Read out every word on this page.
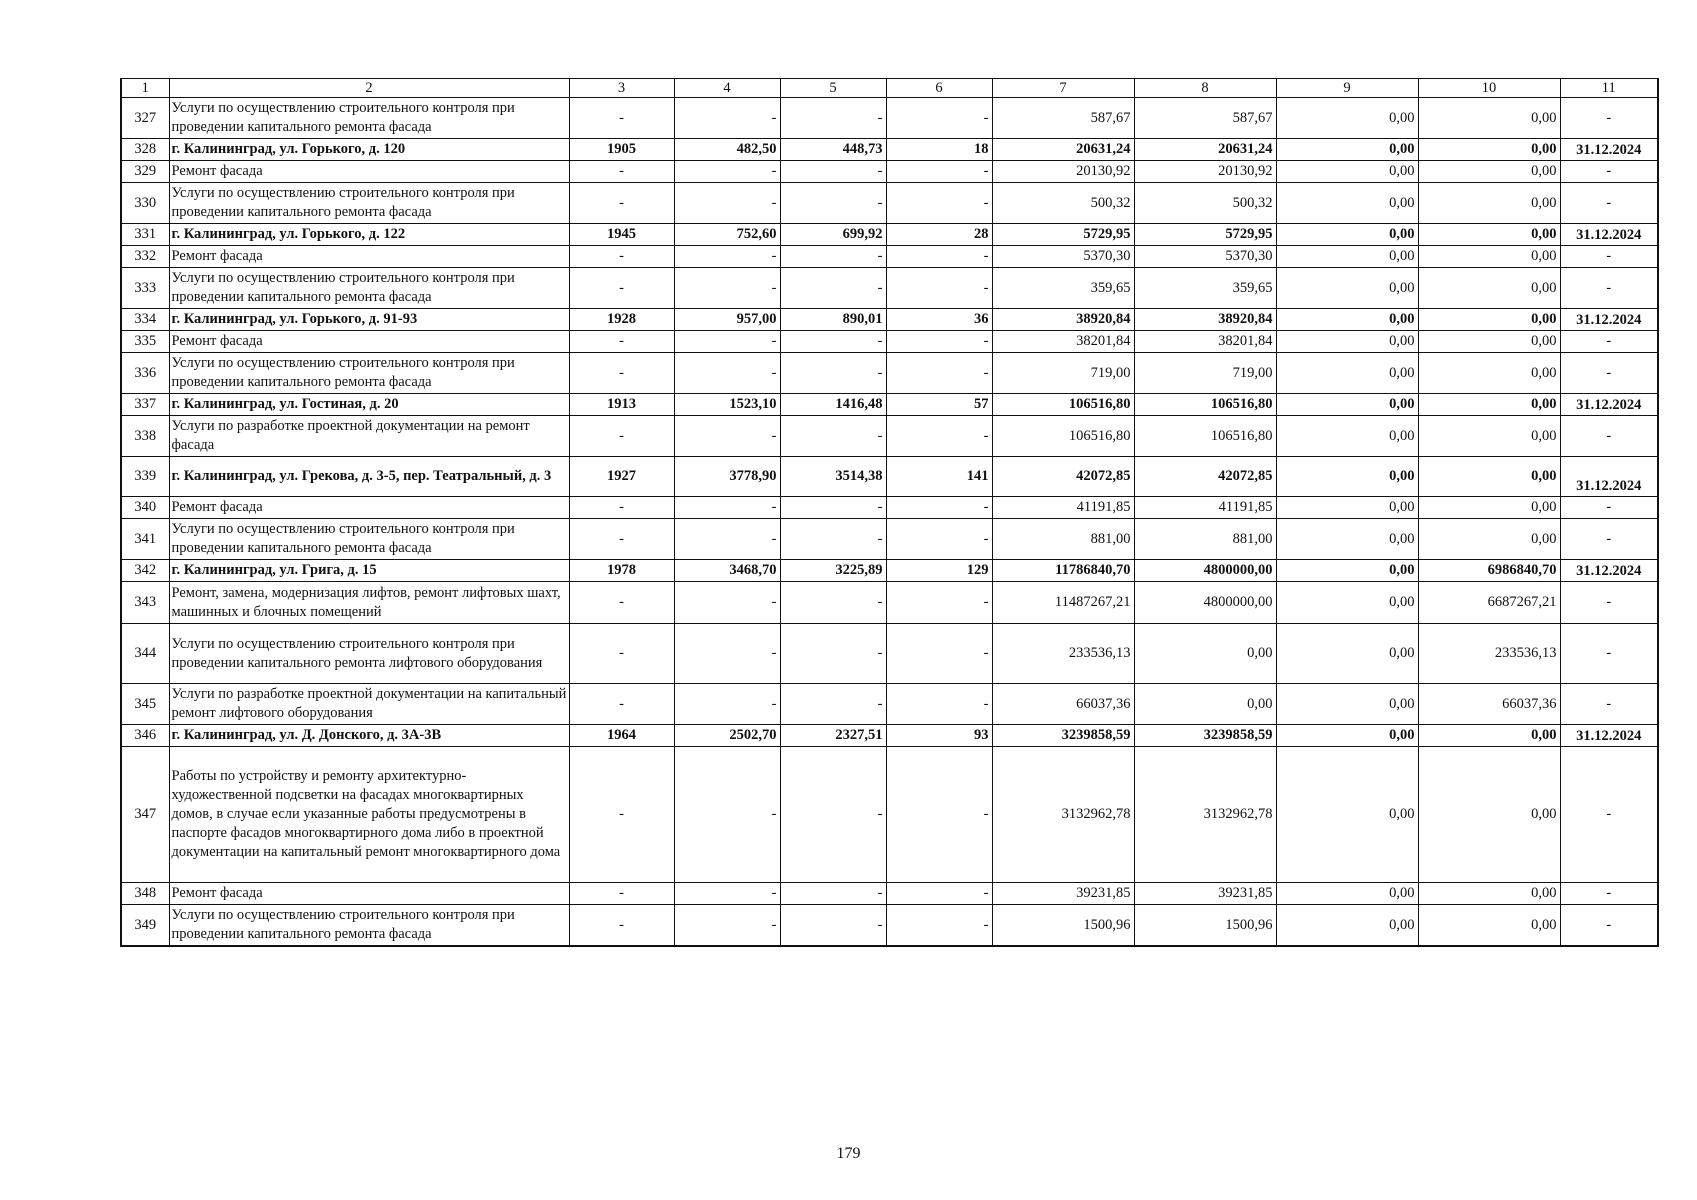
1	2	3	4	5	6	7	8	9	10	11
327	Услуги по осуществлению строительного контроля при проведении капитального ремонта фасада	-	-	-	-	587,67	587,67	0,00	0,00	-
328	г. Калининград, ул. Горького, д. 120	1905	482,50	448,73	18	20631,24	20631,24	0,00	0,00	31.12.2024
329	Ремонт фасада	-	-	-	-	20130,92	20130,92	0,00	0,00	-
330	Услуги по осуществлению строительного контроля при проведении капитального ремонта фасада	-	-	-	-	500,32	500,32	0,00	0,00	-
331	г. Калининград, ул. Горького, д. 122	1945	752,60	699,92	28	5729,95	5729,95	0,00	0,00	31.12.2024
332	Ремонт фасада	-	-	-	-	5370,30	5370,30	0,00	0,00	-
333	Услуги по осуществлению строительного контроля при проведении капитального ремонта фасада	-	-	-	-	359,65	359,65	0,00	0,00	-
334	г. Калининград, ул. Горького, д. 91-93	1928	957,00	890,01	36	38920,84	38920,84	0,00	0,00	31.12.2024
335	Ремонт фасада	-	-	-	-	38201,84	38201,84	0,00	0,00	-
336	Услуги по осуществлению строительного контроля при проведении капитального ремонта фасада	-	-	-	-	719,00	719,00	0,00	0,00	-
337	г. Калининград, ул. Гостиная, д. 20	1913	1523,10	1416,48	57	106516,80	106516,80	0,00	0,00	31.12.2024
338	Услуги по разработке проектной документации на ремонт фасада	-	-	-	-	106516,80	106516,80	0,00	0,00	-
339	г. Калининград, ул. Грекова, д. 3-5, пер. Театральный, д. 3	1927	3778,90	3514,38	141	42072,85	42072,85	0,00	0,00	31.12.2024
340	Ремонт фасада	-	-	-	-	41191,85	41191,85	0,00	0,00	-
341	Услуги по осуществлению строительного контроля при проведении капитального ремонта фасада	-	-	-	-	881,00	881,00	0,00	0,00	-
342	г. Калининград, ул. Грига, д. 15	1978	3468,70	3225,89	129	11786840,70	4800000,00	0,00	6986840,70	31.12.2024
343	Ремонт, замена, модернизация лифтов, ремонт лифтовых шахт, машинных и блочных помещений	-	-	-	-	11487267,21	4800000,00	0,00	6687267,21	-
344	Услуги по осуществлению строительного контроля при проведении капитального ремонта лифтового оборудования	-	-	-	-	233536,13	0,00	0,00	233536,13	-
345	Услуги по разработке проектной документации на капитальный ремонт лифтового оборудования	-	-	-	-	66037,36	0,00	0,00	66037,36	-
346	г. Калининград, ул. Д. Донского, д. 3А-3В	1964	2502,70	2327,51	93	3239858,59	3239858,59	0,00	0,00	31.12.2024
347	Работы по устройству и ремонту архитектурно-художественной подсветки на фасадах многоквартирных домов, в случае если указанные работы предусмотрены в паспорте фасадов многоквартирного дома либо в проектной документации на капитальный ремонт многоквартирного дома	-	-	-	-	3132962,78	3132962,78	0,00	0,00	-
348	Ремонт фасада	-	-	-	-	39231,85	39231,85	0,00	0,00	-
349	Услуги по осуществлению строительного контроля при проведении капитального ремонта фасада	-	-	-	-	1500,96	1500,96	0,00	0,00	-
179
